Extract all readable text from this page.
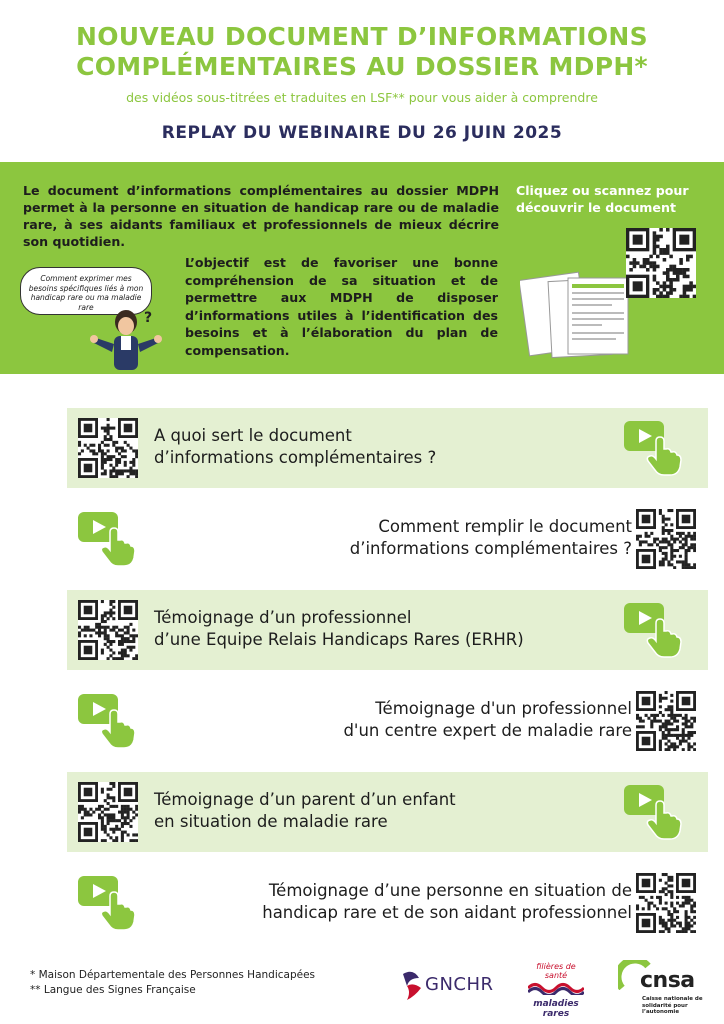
NOUVEAU DOCUMENT D’INFORMATIONS
COMPLÉMENTAIRES AU DOSSIER MDPH*
des vidéos sous-titrées et traduites en LSF** pour vous aider à comprendre
REPLAY DU WEBINAIRE DU 26 JUIN 2025
Le document d’informations complémentaires au dossier MDPH permet à la personne en situation de handicap rare ou de maladie rare, à ses aidants familiaux et professionnels de mieux décrire son quotidien.
L’objectif est de favoriser une bonne compréhension de sa situation et de permettre aux MDPH de disposer d’informations utiles à l’identification des besoins et à l’élaboration du plan de compensation.
Comment exprimer mes besoins spécifiques liés à mon handicap rare ou ma maladie rare
?
Cliquez ou scannez pour découvrir le document
A quoi sert le document
d’informations complémentaires ?
Comment remplir le document
d’informations complémentaires ?
Témoignage d’un professionnel
d’une Equipe Relais Handicaps Rares (ERHR)
Témoignage d'un professionnel
d'un centre expert de maladie rare
Témoignage d’un parent d’un enfant
en situation de maladie rare
Témoignage d’une personne en situation de
handicap rare et de son aidant professionnel
* Maison Départementale des Personnes Handicapées
** Langue des Signes Française	GNCHR
filières de santé
maladies rares
cnsa
Caisse nationale de solidarité pour l’autonomie
